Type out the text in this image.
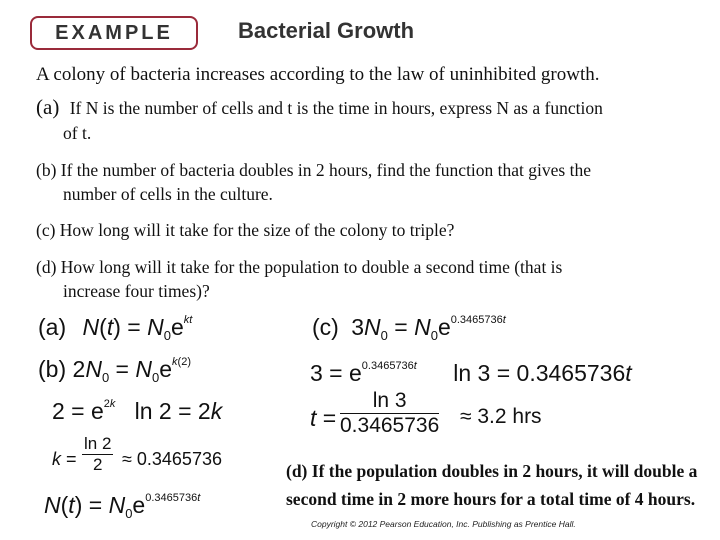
EXAMPLE	Bacterial Growth
A colony of bacteria increases according to the law of uninhibited growth.
(a) If N is the number of cells and t is the time in hours, express N as a function
of t.
(b) If the number of bacteria doubles in 2 hours, find the function that gives the
number of cells in the culture.
(c) How long will it take for the size of the colony to triple?
(d) How long will it take for the population to double a second time (that is
increase four times)?
(a) $N(t) = N_0e^{kt}$
(b) $2N_0 = N_0e^{k(2)}$
$2 = e^{2k}$   ln 2 = 2k
$k = \frac{\ln 2}{2} \approx 0.3465736$
$N(t) = N_0e^{0.3465736t}$
(c) $3N_0 = N_0e^{0.3465736t}$
$3 = e^{0.3465736t}$ ln 3 = 0.3465736t
$t = \frac{\ln 3}{0.3465736} \approx 3.2$ hrs
(d) If the population doubles in 2 hours, it will double a
second time in 2 more hours for a total time of 4 hours.
Copyright © 2012 Pearson Education, Inc. Publishing as Prentice Hall.
